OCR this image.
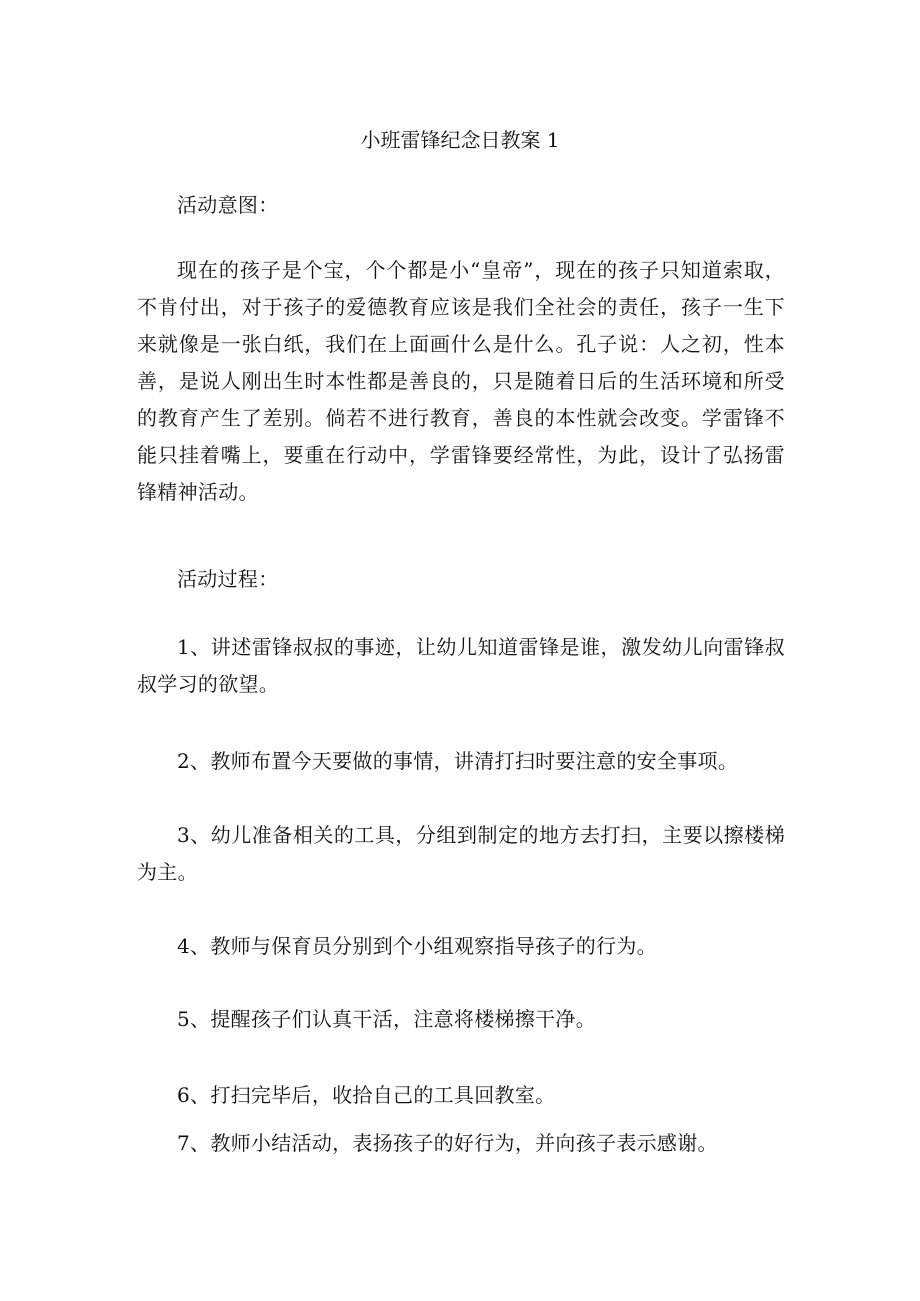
小班雷锋纪念日教案 1

活动意图：

现在的孩子是个宝，个个都是小“皇帝”，现在的孩子只知道索取，不肯付出，对于孩子的爱德教育应该是我们全社会的责任，孩子一生下来就像是一张白纸，我们在上面画什么是什么。孔子说：人之初，性本善，是说人刚出生时本性都是善良的，只是随着日后的生活环境和所受的教育产生了差别。倘若不进行教育，善良的本性就会改变。学雷锋不能只挂着嘴上，要重在行动中，学雷锋要经常性，为此，设计了弘扬雷锋精神活动。

活动过程：

1、讲述雷锋叔叔的事迹，让幼儿知道雷锋是谁，激发幼儿向雷锋叔叔学习的欲望。

2、教师布置今天要做的事情，讲清打扫时要注意的安全事项。

3、幼儿准备相关的工具，分组到制定的地方去打扫，主要以擦楼梯为主。

4、教师与保育员分别到个小组观察指导孩子的行为。

5、提醒孩子们认真干活，注意将楼梯擦干净。

6、打扫完毕后，收拾自己的工具回教室。

7、教师小结活动，表扬孩子的好行为，并向孩子表示感谢。
